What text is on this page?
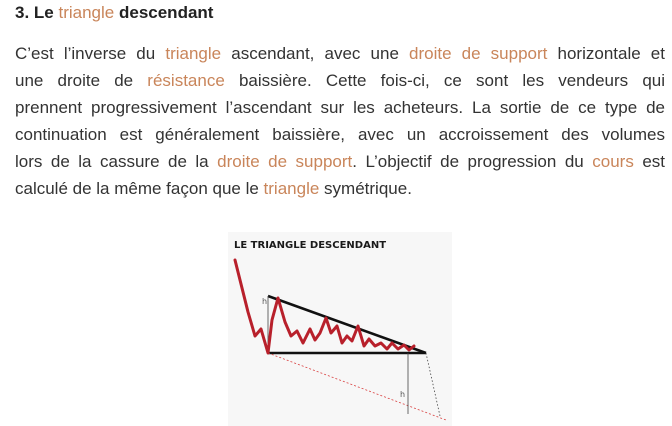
3. Le triangle descendant
C’est l’inverse du triangle ascendant, avec une droite de support horizontale et
une droite de résistance baissière. Cette fois-ci, ce sont les vendeurs qui
prennent progressivement l’ascendant sur les acheteurs. La sortie de ce type de
continuation est généralement baissière, avec un accroissement des volumes
lors de la cassure de la droite de support. L’objectif de progression du cours est
calculé de la même façon que le triangle symétrique.
LE TRIANGLE DESCENDANT
h
h
